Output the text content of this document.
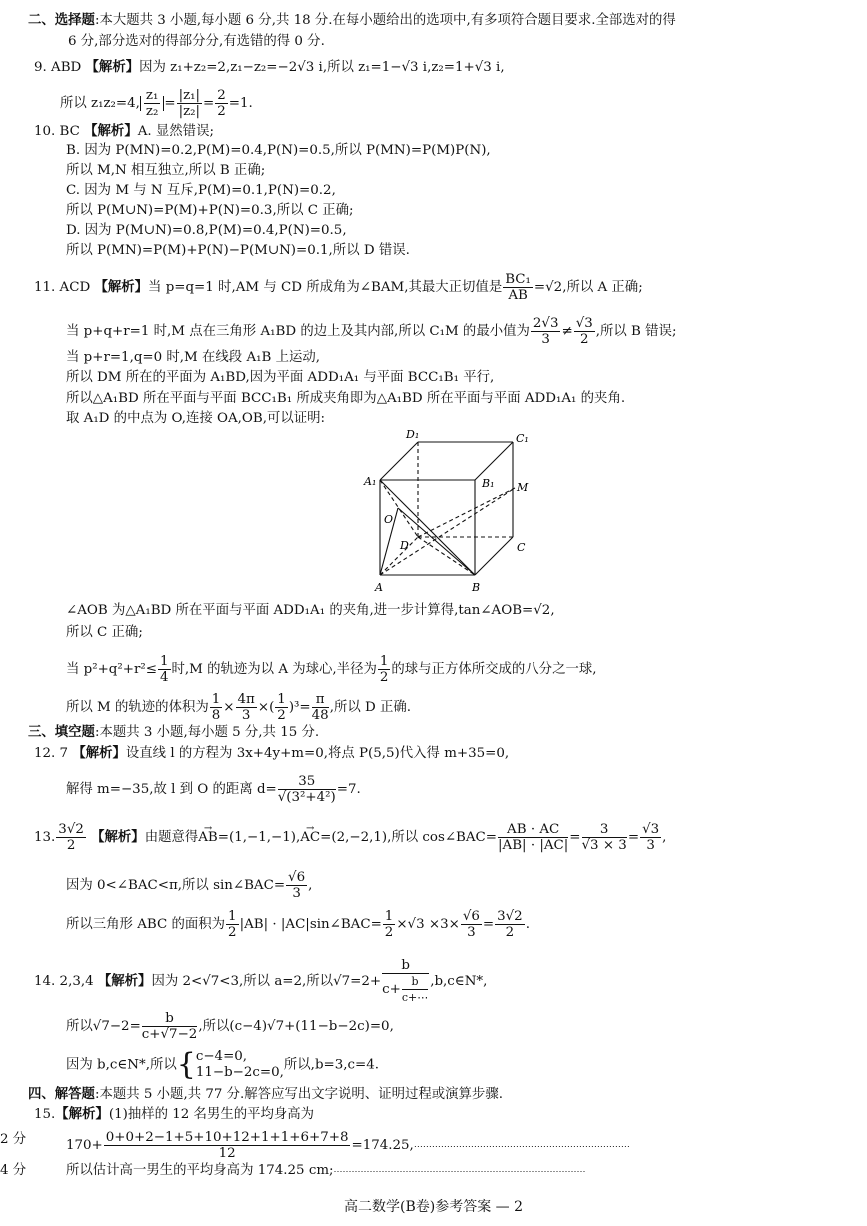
二、选择题:本大题共 3 小题,每小题 6 分,共 18 分.在每小题给出的选项中,有多项符合题目要求.全部选对的得
6 分,部分选对的得部分分,有选错的得 0 分.
9. ABD 【解析】因为 z₁+z₂=2,z₁−z₂=−2√3 i,所以 z₁=1−√3 i,z₂=1+√3 i,
所以 z₁z₂=4, $\frac{\text{z₁}}{\text{z₂}} = \frac{\text{|z₁|}}{\text{|z₂|}} = \frac{2}{2} =1$.
10. BC 【解析】A. 显然错误;
B. 因为 P(MN)=0.2,P(M)=0.4,P(N)=0.5,所以 P(MN)=P(M)P(N),
所以 M,N 相互独立,所以 B 正确;
C. 因为 M 与 N 互斥,P(M)=0.1,P(N)=0.2,
所以 P(M∪N)=P(M)+P(N)=0.3,所以 C 正确;
D. 因为 P(M∪N)=0.8,P(M)=0.4,P(N)=0.5,
所以 P(MN)=P(M)+P(N)−P(M∪N)=0.1,所以 D 错误.
11. ACD 【解析】当 p=q=1 时,AM 与 CD 所成角为∠BAM,其最大正切值是 $\frac{\text{BC₁}}{AB} =√2$,所以 A 正确;
当 p+q+r=1 时,M 点在三角形 A₁BD 的边上及其内部,所以 C₁M 的最小值为 $\frac{2√3}{3} \ne \frac{√3}{2}$ ,所以 B 错误;
当 p+r=1,q=0 时,M 在线段 A₁B 上运动,
所以 DM 所在的平面为 A₁BD,因为平面 ADD₁A₁ 与平面 BCC₁B₁ 平行,
所以△A₁BD 所在平面与平面 BCC₁B₁ 所成夹角即为△A₁BD 所在平面与平面 ADD₁A₁ 的夹角.
取 A₁D 的中点为 O,连接 OA,OB,可以证明:
D₁	C₁
A₁	B₁ M
O
D	C
A	B
∠AOB 为△A₁BD 所在平面与平面 ADD₁A₁ 的夹角,进一步计算得,tan∠AOB=√2,
所以 C 正确;
当 $p^2+q^2+r^2\le \frac{1}{4}$ 时,M 的轨迹为以 A 为球心,半径为 $\frac{1}{2}$ 的球与正方体所交成的八分之一球,
所以 M 的轨迹的体积为 $\frac{1}{8} \times \frac{4\pi}{3}$ ×( $\frac{1}{2} )^3= \frac{\pi}{48}$ ,所以 D 正确.
三、填空题:本题共 3 小题,每小题 5 分,共 15 分.
12. 7 【解析】设直线 l 的方程为 3x+4y+m=0,将点 P(5,5)代入得 m+35=0,
解得 m=−35,故 l 到 O 的距离 $d= \frac{35}{\text{√(3²+4²)}} =7$.
13. $\frac{3√2}{2}$ 【解析】由题意得→ AB=(1,−1,−1),→ AC=(2,−2,1),所以 cos∠BAC= $\frac{AB \cdot AC}{|AB| \cdot |AC|} = \frac{3}{√3 \times 3} = \frac{√3}{3}$ ,
因为 0<∠BAC<π,所以 sin∠BAC= $\frac{√6}{3}$ ,
所以三角形 ABC 的面积为 $\frac{1}{2} |AB|$ · |AC|sin∠BAC= $\frac{1}{2} \times√3 \times 3\times \frac{√6}{3} = \frac{3√2}{2}$ .
14. 2,3,4 【解析】因为 2<√7<3,所以 a=2,所以$√7=2+ \frac{b}{c+ \frac{b}{c+\cdots}}$ ,b,c∈N*,
所以$√7-2= \frac{b}{c+√7-2}$ ,所以(c−4)√7+(11−b−2c)=0,
因为 b,c∈N*,所以{ c−4=0,
11−b−2c=0, 所以,b=3,c=4.
四、解答题:本题共 5 小题,共 77 分.解答应写出文字说明、证明过程或演算步骤.
15.【解析】(1)抽样的 12 名男生的平均身高为
$170+ \frac{0+0+2-1+5+10+12+1+1+6+7+8}{12}$ =174.25,⋯⋯⋯⋯⋯⋯⋯⋯⋯⋯⋯⋯⋯⋯⋯⋯⋯⋯⋯⋯⋯⋯⋯⋯
2 分
所以估计高一男生的平均身高为 174.25 cm;⋯⋯⋯⋯⋯⋯⋯⋯⋯⋯⋯⋯⋯⋯⋯⋯⋯⋯⋯⋯⋯⋯⋯⋯⋯⋯⋯⋯
4 分
高二数学(B卷)参考答案 — 2
